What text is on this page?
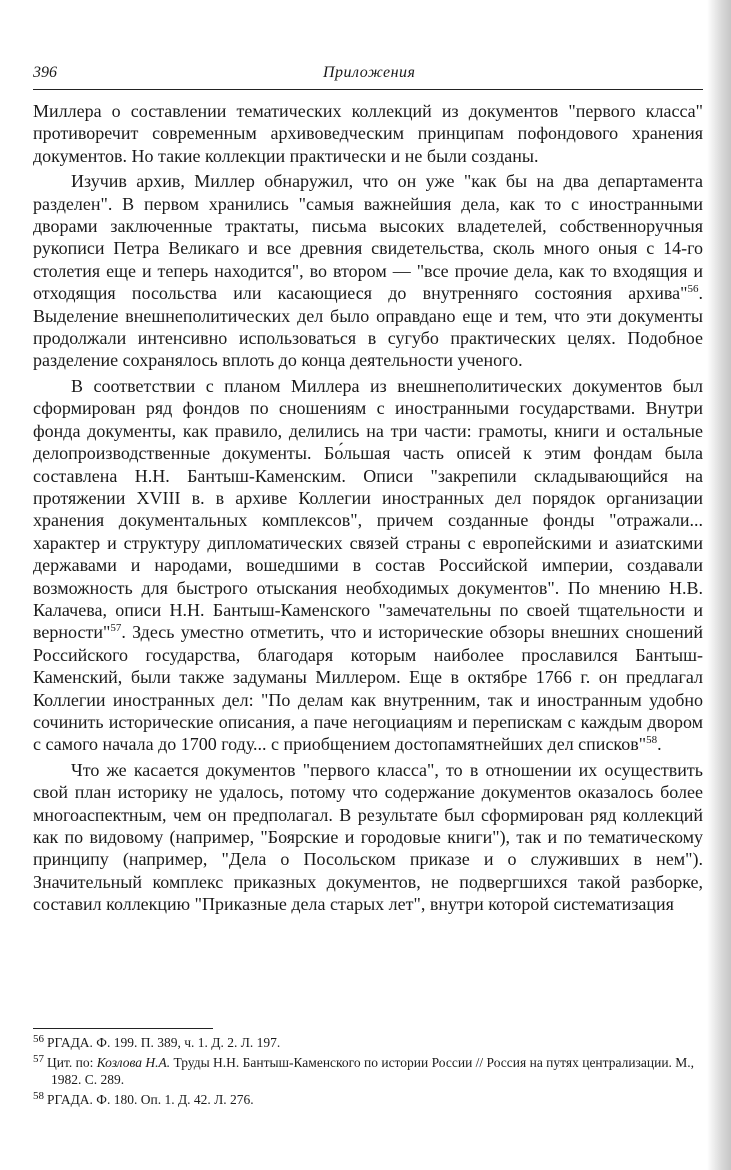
396	Приложения

Миллера о составлении тематических коллекций из документов "первого класса" противоречит современным архивоведческим принципам пофондового хранения документов. Но такие коллекции практически и не были созданы.

Изучив архив, Миллер обнаружил, что он уже "как бы на два департамента разделен". В первом хранились "самыя важнейшия дела, как то с иностранными дворами заключенные трактаты, письма высоких владетелей, собственноручныя рукописи Петра Великаго и все древния свидетельства, сколь много оныя с 14-го столетия еще и теперь находится", во втором — "все прочие дела, как то входящия и отходящия посольства или касающиеся до внутренняго состояния архива"$^{56}$. Выделение внешнеполитических дел было оправдано еще и тем, что эти документы продолжали интенсивно использоваться в сугубо практических целях. Подобное разделение сохранялось вплоть до конца деятельности ученого.

В соответствии с планом Миллера из внешнеполитических документов был сформирован ряд фондов по сношениям с иностранными государствами. Внутри фонда документы, как правило, делились на три части: грамоты, книги и остальные делопроизводственные документы. Бо́льшая часть описей к этим фондам была составлена Н.Н. Бантыш-Каменским. Описи "закрепили складывающийся на протяжении XVIII в. в архиве Коллегии иностранных дел порядок организации хранения документальных комплексов", причем созданные фонды "отражали... характер и структуру дипломатических связей страны с европейскими и азиатскими державами и народами, вошедшими в состав Российской империи, создавали возможность для быстрого отыскания необходимых документов". По мнению Н.В. Калачева, описи Н.Н. Бантыш-Каменского "замечательны по своей тщательности и верности"$^{57}$. Здесь уместно отметить, что и исторические обзоры внешних сношений Российского государства, благодаря которым наиболее прославился Бантыш-Каменский, были также задуманы Миллером. Еще в октябре 1766 г. он предлагал Коллегии иностранных дел: "По делам как внутренним, так и иностранным удобно сочинить исторические описания, а паче негоциациям и перепискам с каждым двором с самого начала до 1700 году... с приобщением достопамятнейших дел списков"$^{58}$.

Что же касается документов "первого класса", то в отношении их осуществить свой план историку не удалось, потому что содержание документов оказалось более многоаспектным, чем он предполагал. В результате был сформирован ряд коллекций как по видовому (например, "Боярские и городовые книги"), так и по тематическому принципу (например, "Дела о Посольском приказе и о служивших в нем"). Значительный комплекс приказных документов, не подвергшихся такой разборке, составил коллекцию "Приказные дела старых лет", внутри которой систематизация

$^{56}$ РГАДА. Ф. 199. П. 389, ч. 1. Д. 2. Л. 197.
$^{57}$ Цит. по: Козлова Н.А. Труды Н.Н. Бантыш-Каменского по истории России // Россия на путях централизации. М., 1982. С. 289.
$^{58}$ РГАДА. Ф. 180. Оп. 1. Д. 42. Л. 276.
